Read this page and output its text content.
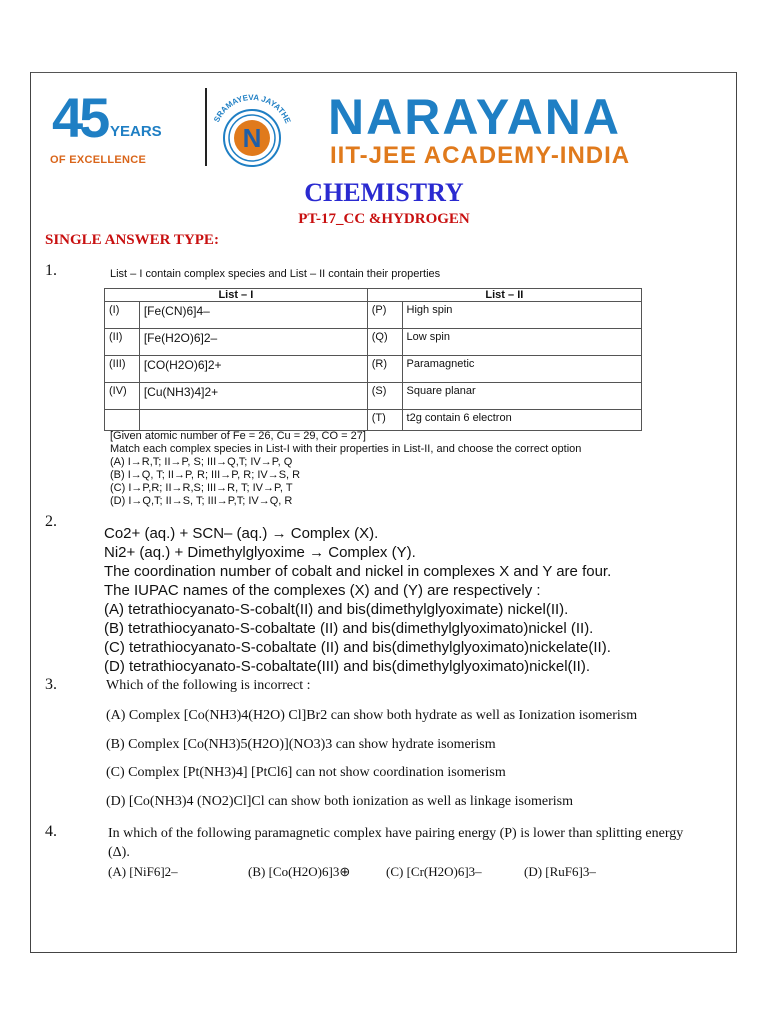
45 YEARS
OF EXCELLENCE
SRAMAYEVA JAYATHE
N NARAYANA
IIT-JEE ACADEMY-INDIA
CHEMISTRY
PT-17_CC &HYDROGEN
SINGLE ANSWER TYPE:
1.	List – I contain complex species and List – II contain their properties
List – I		List – II	
(I)	[Fe(CN)6]4–	(P)	High spin
(II)	[Fe(H2O)6]2–	(Q)	Low spin
(III)	[CO(H2O)6]2+	(R)	Paramagnetic
(IV)	[Cu(NH3)4]2+	(S)	Square planar
		(T)	t2g contain 6 electron
[Given atomic number of Fe = 26, Cu = 29, CO = 27]
Match each complex species in List-I with their properties in List-II, and choose the correct option
(A) I→R,T; II→P, S; III→Q,T; IV→P, Q
(B) I→Q, T; II→P, R; III→P, R; IV→S, R
(C) I→P,R; II→R,S; III→R, T; IV→P, T
(D) I→Q,T; II→S, T; III→P,T; IV→Q, R
2.
Co2+ (aq.) + SCN– (aq.) → Complex (X).
Ni2+ (aq.) + Dimethylglyoxime → Complex (Y).
The coordination number of cobalt and nickel in complexes X and Y are four.
The IUPAC names of the complexes (X) and (Y) are respectively :
(A) tetrathiocyanato-S-cobalt(II) and bis(dimethylglyoximate) nickel(II).
(B) tetrathiocyanato-S-cobaltate (II) and bis(dimethylglyoximato)nickel (II).
(C) tetrathiocyanato-S-cobaltate (II) and bis(dimethylglyoximato)nickelate(II).
(D) tetrathiocyanato-S-cobaltate(III) and bis(dimethylglyoximato)nickel(II).
3.	Which of the following is incorrect :
(A) Complex [Co(NH3)4(H2O) Cl]Br2 can show both hydrate as well as Ionization isomerism
(B) Complex [Co(NH3)5(H2O)](NO3)3 can show hydrate isomerism
(C) Complex [Pt(NH3)4] [PtCl6] can not show coordination isomerism
(D) [Co(NH3)4 (NO2)Cl]Cl can show both ionization as well as linkage isomerism
4.	In which of the following paramagnetic complex have pairing energy (P) is lower than splitting energy (Δ).
(A) [NiF6]2–	(B) [Co(H2O)6]3⊕	(C) [Cr(H2O)6]3–	(D) [RuF6]3–
